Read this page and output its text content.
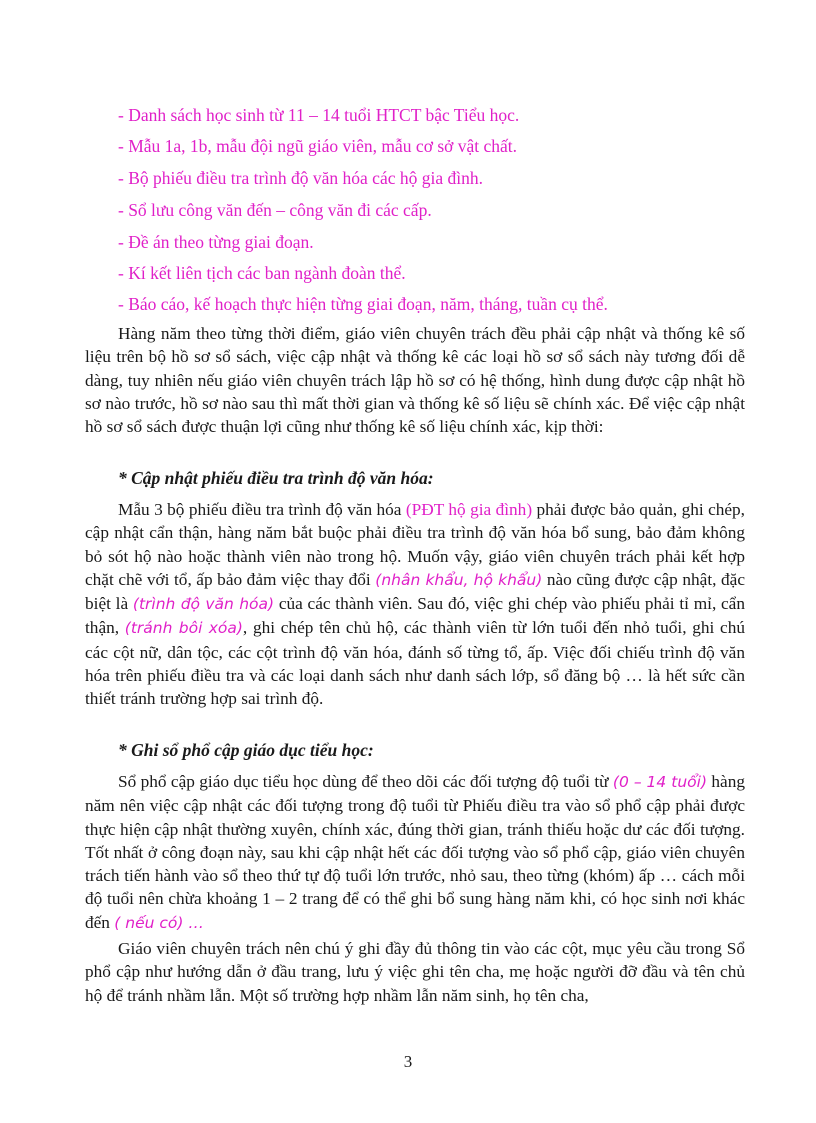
- Danh sách học sinh từ 11 – 14 tuổi HTCT bậc Tiểu học.
- Mẫu 1a, 1b, mẫu đội ngũ giáo viên, mẫu cơ sở vật chất.
- Bộ phiếu điều tra trình độ văn hóa các hộ gia đình.
- Sổ lưu công văn đến – công văn đi các cấp.
- Đề án theo từng giai đoạn.
- Kí kết liên tịch các ban ngành đoàn thể.
- Báo cáo, kế hoạch thực hiện từng giai đoạn, năm, tháng, tuần cụ thể.
Hàng năm theo từng thời điểm, giáo viên chuyên trách đều phải cập nhật và thống kê số liệu trên bộ hồ sơ sổ sách, việc cập nhật và thống kê các loại hồ sơ sổ sách này tương đối dễ dàng, tuy nhiên nếu giáo viên chuyên trách lập hồ sơ có hệ thống, hình dung được cập nhật hồ sơ nào trước, hồ sơ nào sau thì mất thời gian và thống kê số liệu sẽ chính xác. Để việc cập nhật hồ sơ sổ sách được thuận lợi cũng như thống kê số liệu chính xác, kịp thời:
* Cập nhật phiếu điều tra trình độ văn hóa:
Mẫu 3 bộ phiếu điều tra trình độ văn hóa (PĐT hộ gia đình) phải được bảo quản, ghi chép, cập nhật cẩn thận, hàng năm bắt buộc phải điều tra trình độ văn hóa bổ sung, bảo đảm không bỏ sót hộ nào hoặc thành viên nào trong hộ. Muốn vậy, giáo viên chuyên trách phải kết hợp chặt chẽ với tổ, ấp bảo đảm việc thay đổi (nhân khẩu, hộ khẩu) nào cũng được cập nhật, đặc biệt là (trình độ văn hóa) của các thành viên. Sau đó, việc ghi chép vào phiếu phải tỉ mỉ, cẩn thận, (tránh bôi xóa), ghi chép tên chủ hộ, các thành viên từ lớn tuổi đến nhỏ tuổi, ghi chú các cột nữ, dân tộc, các cột trình độ văn hóa, đánh số từng tổ, ấp. Việc đối chiếu trình độ văn hóa trên phiếu điều tra và các loại danh sách như danh sách lớp, sổ đăng bộ … là hết sức cần thiết tránh trường hợp sai trình độ.
* Ghi sổ phổ cập giáo dục tiểu học:
Sổ phổ cập giáo dục tiểu học dùng để theo dõi các đối tượng độ tuổi từ (0 – 14 tuổi) hàng năm nên việc cập nhật các đối tượng trong độ tuổi từ Phiếu điều tra vào sổ phổ cập phải được thực hiện cập nhật thường xuyên, chính xác, đúng thời gian, tránh thiếu hoặc dư các đối tượng. Tốt nhất ở công đoạn này, sau khi cập nhật hết các đối tượng vào sổ phổ cập, giáo viên chuyên trách tiến hành vào sổ theo thứ tự độ tuổi lớn trước, nhỏ sau, theo từng (khóm) ấp … cách mỗi độ tuổi nên chừa khoảng 1 – 2 trang để có thể ghi bổ sung hàng năm khi, có học sinh nơi khác đến ( nếu có) …
Giáo viên chuyên trách nên chú ý ghi đầy đủ thông tin vào các cột, mục yêu cầu trong Sổ phổ cập như hướng dẫn ở đầu trang, lưu ý việc ghi tên cha, mẹ hoặc người đỡ đầu và tên chủ hộ để tránh nhầm lẫn. Một số trường hợp nhầm lẫn năm sinh, họ tên cha,
3
